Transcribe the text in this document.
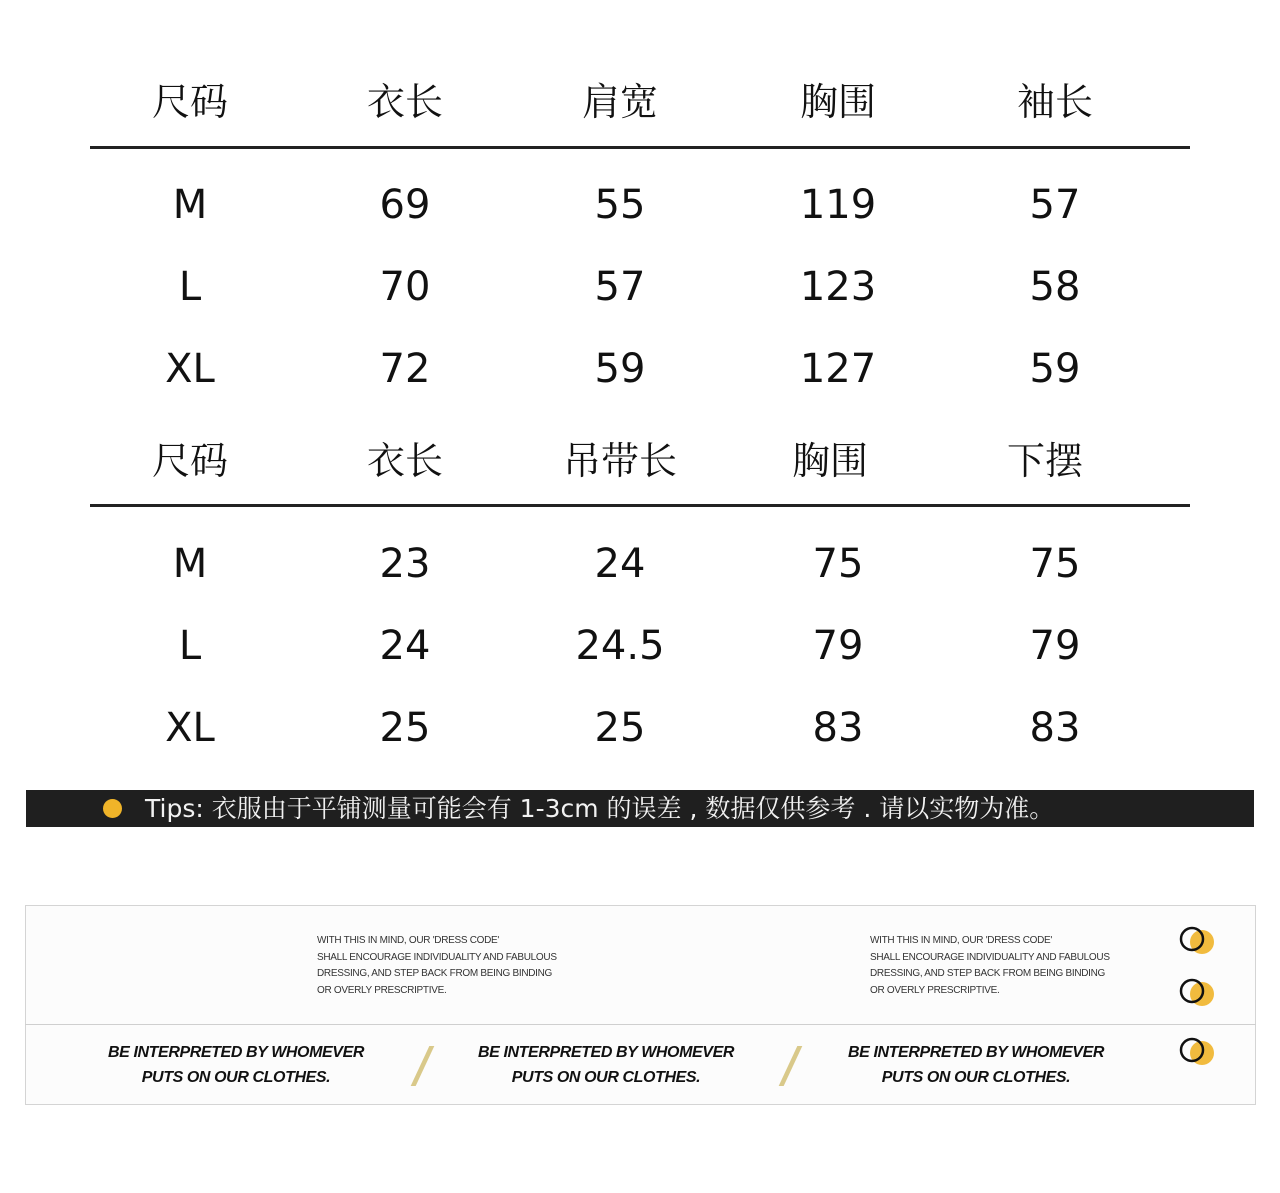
尺码	衣长	肩宽	胸围	袖长
M	69	55	119	57
L	70	57	123	58
XL	72	59	127	59
尺码	衣长	吊带长	胸围	下摆
M	23	24	75	75
L	24	24.5	79	79
XL	25	25	83	83
Tips: 衣服由于平铺测量可能会有 1-3cm 的误差 , 数据仅供参考 . 请以实物为准。
WITH THIS IN MIND, OUR 'DRESS CODE'
SHALL ENCOURAGE INDIVIDUALITY AND FABULOUS
DRESSING, AND STEP BACK FROM BEING BINDING
OR OVERLY PRESCRIPTIVE.
WITH THIS IN MIND, OUR 'DRESS CODE'
SHALL ENCOURAGE INDIVIDUALITY AND FABULOUS
DRESSING, AND STEP BACK FROM BEING BINDING
OR OVERLY PRESCRIPTIVE.
BE INTERPRETED BY WHOMEVER
PUTS ON OUR CLOTHES.
BE INTERPRETED BY WHOMEVER
PUTS ON OUR CLOTHES.
BE INTERPRETED BY WHOMEVER
PUTS ON OUR CLOTHES.
